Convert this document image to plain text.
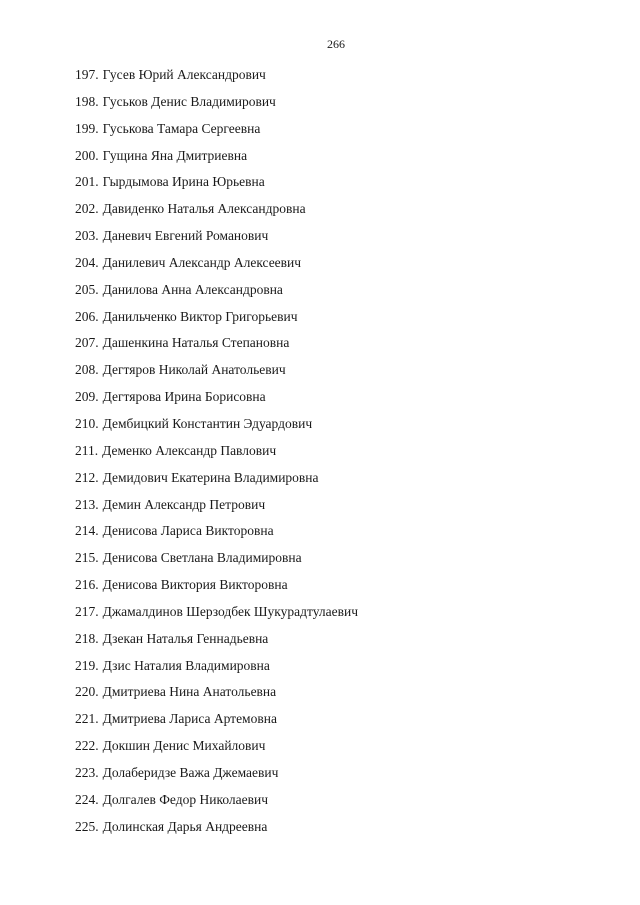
266
197. Гусев Юрий Александрович
198. Гуськов Денис Владимирович
199. Гуськова Тамара Сергеевна
200. Гущина Яна Дмитриевна
201. Гырдымова Ирина Юрьевна
202. Давиденко Наталья Александровна
203. Даневич Евгений Романович
204. Данилевич Александр Алексеевич
205. Данилова Анна Александровна
206. Данильченко Виктор Григорьевич
207. Дашенкина Наталья Степановна
208. Дегтяров Николай Анатольевич
209. Дегтярова Ирина Борисовна
210. Дембицкий Константин Эдуардович
211. Деменко Александр Павлович
212. Демидович Екатерина Владимировна
213. Демин Александр Петрович
214. Денисова Лариса Викторовна
215. Денисова Светлана Владимировна
216. Денисова Виктория Викторовна
217. Джамалдинов Шерзодбек Шукурадтулаевич
218. Дзекан Наталья Геннадьевна
219. Дзис Наталия Владимировна
220. Дмитриева Нина Анатольевна
221. Дмитриева Лариса Артемовна
222. Докшин Денис Михайлович
223. Долаберидзе Важа Джемаевич
224. Долгалев Федор Николаевич
225. Долинская Дарья Андреевна
